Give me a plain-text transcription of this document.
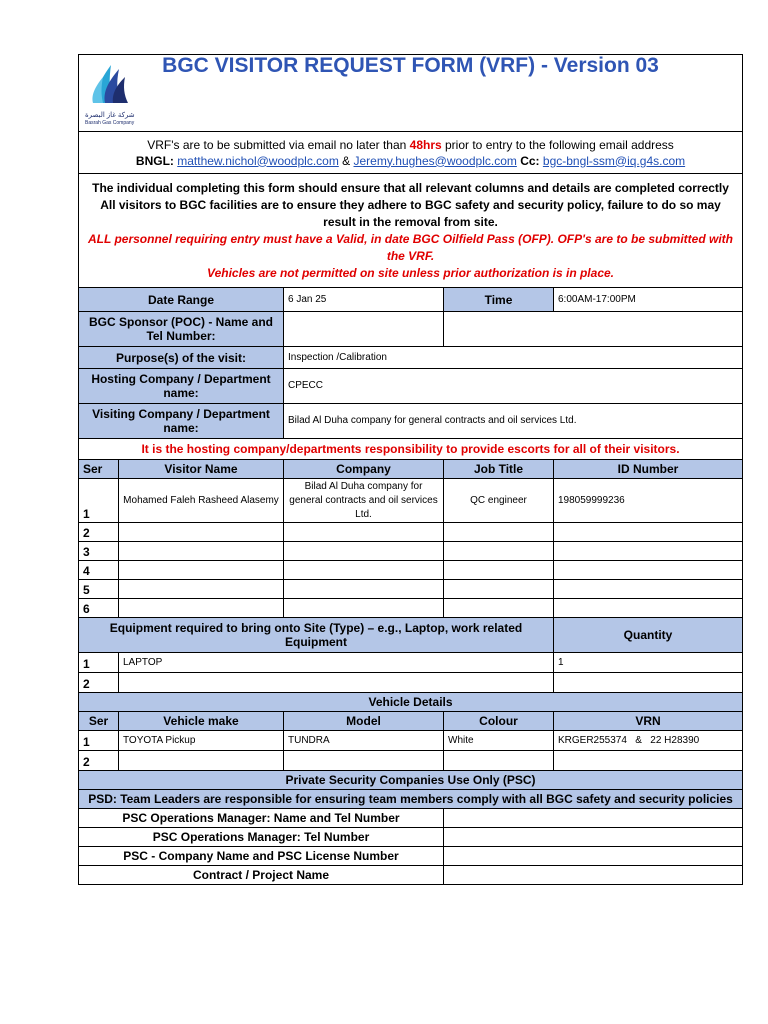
شركة غاز البصرة
Basrah Gas Company
BGC VISITOR REQUEST FORM (VRF) - Version 03				

VRF's are to be submitted via email no later than 48hrs prior to entry to the following email address
BNGL: matthew.nichol@woodplc.com & Jeremy.hughes@woodplc.com Cc: bgc-bngl-ssm@iq.g4s.com				

The individual completing this form should ensure that all relevant columns and details are completed correctly
All visitors to BGC facilities are to ensure they adhere to BGC safety and security policy, failure to do so may result in the removal from site.
ALL personnel requiring entry must have a Valid, in date BGC Oilfield Pass (OFP). OFP's are to be submitted with the VRF.
Vehicles are not permitted on site unless prior authorization is in place.				

Date Range		6 Jan 25	Time	6:00AM-17:00PM
BGC Sponsor (POC) - Name and Tel Number:				
Purpose(s) of the visit:		Inspection /Calibration		
Hosting Company / Department name:		CPECC		
Visiting Company / Department name:		Bilad Al Duha company for general contracts and oil services Ltd.		
It is the hosting company/departments responsibility to provide escorts for all of their visitors.				
Ser	Visitor Name	Company	Job Title	ID Number
1	Mohamed Faleh Rasheed Alasemy	Bilad Al Duha company for general contracts and oil services Ltd.	QC engineer	198059999236
2				
3				
4				
5				
6				
Equipment required to bring onto Site (Type) – e.g., Laptop, work related Equipment				Quantity
1	LAPTOP			1
2				
Vehicle Details				
Ser	Vehicle make	Model	Colour	VRN
1	TOYOTA Pickup	TUNDRA	White	KRGER255374   &   22 H28390
2				
Private Security Companies Use Only (PSC)				
PSD: Team Leaders are responsible for ensuring team members comply with all BGC safety and security policies				
PSC Operations Manager: Name and Tel Number				
PSC Operations Manager: Tel Number				
PSC - Company Name and PSC License Number				
Contract / Project Name				
